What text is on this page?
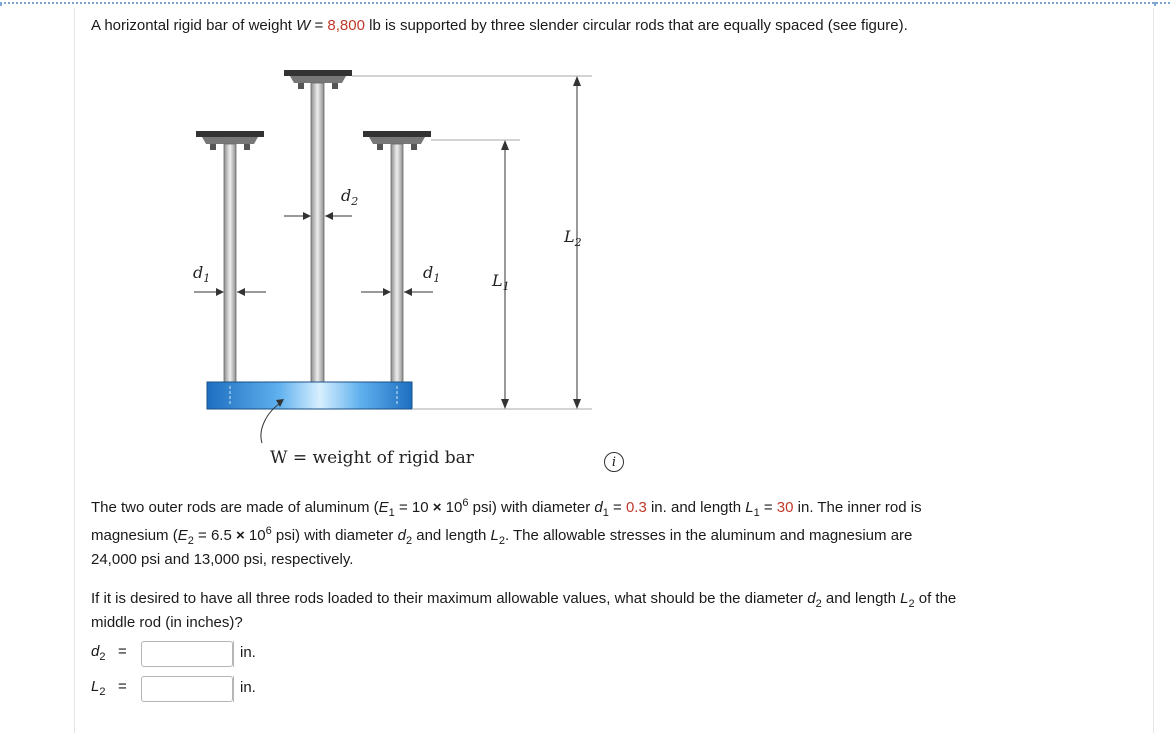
A horizontal rigid bar of weight W = 8,800 lb is supported by three slender circular rods that are equally spaced (see figure).
$d_1$	$d_1$
$d_2$
$L_1$
$L_2$
W = weight of rigid bar	i
The two outer rods are made of aluminum ($E_1 = 10 \times 10^6$ psi) with diameter $d_1 = 0.3$ in. and length $L_1 = 30$ in. The inner rod is
magnesium ($E_2 = 6.5 \times 10^6$ psi) with diameter $d_2$ and length $L_2$. The allowable stresses in the aluminum and magnesium are
24,000 psi and 13,000 psi, respectively.
If it is desired to have all three rods loaded to their maximum allowable values, what should be the diameter $d_2$ and length $L_2$ of the
middle rod (in inches)?
$d_2$ =	in.
$L_2$ =	in.
